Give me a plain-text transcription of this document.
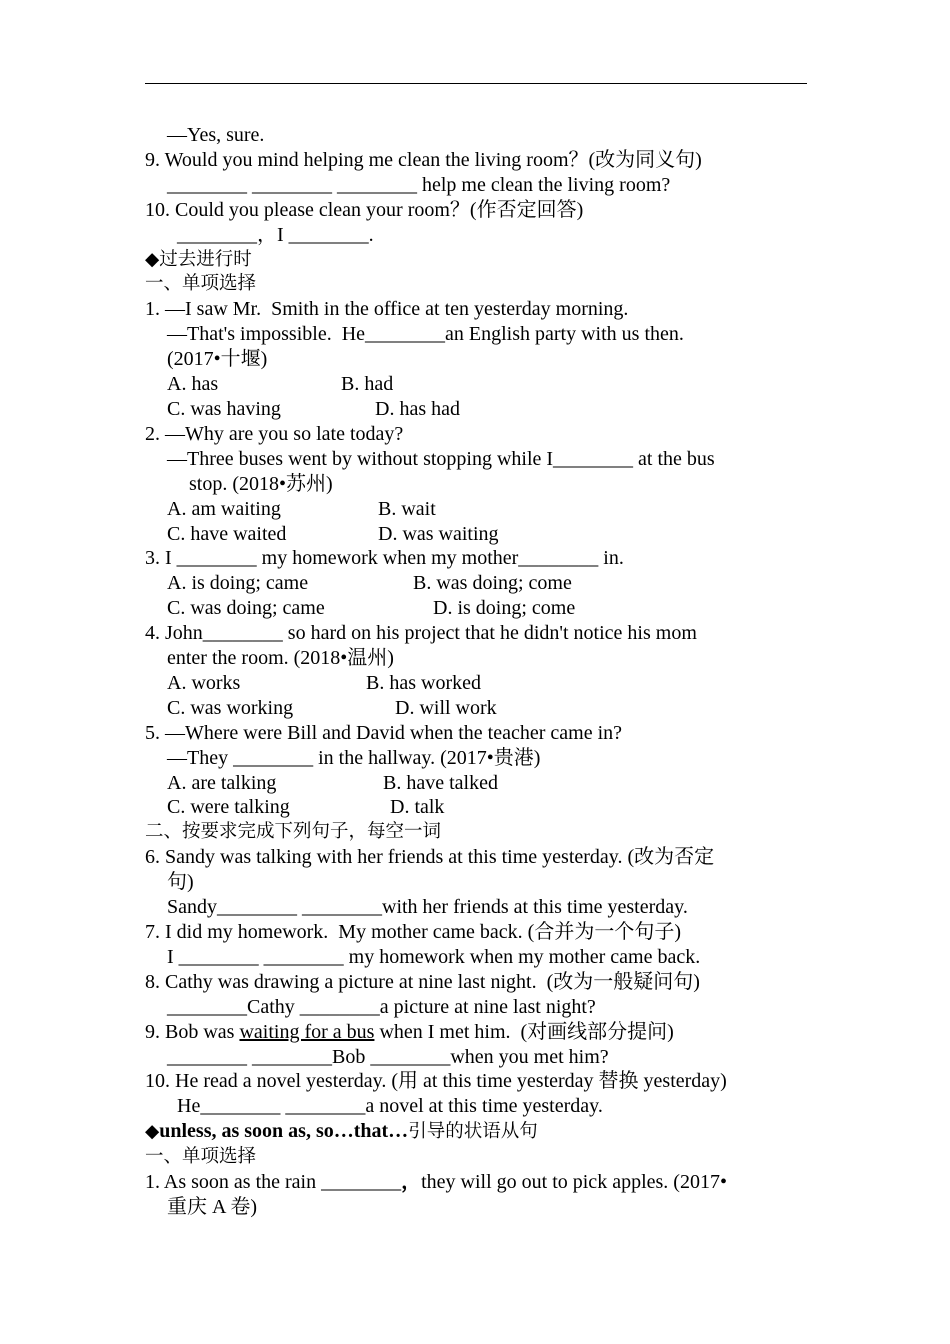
—Yes, sure.
9. Would you mind helping me clean the living room？(改为同义句)
________ ________ ________ help me clean the living room?
10. Could you please clean your room？(作否定回答)
________，I ________.
◆过去进行时
一、单项选择
1. —I saw Mr.  Smith in the office at ten yesterday morning.
—That's impossible.  He________an English party with us then.
(2017•十堰)
A. has	B. had
C. was having	D. has had
2. —Why are you so late today?
—Three buses went by without stopping while I________ at the bus
stop. (2018•苏州)
A. am waiting	B. wait
C. have waited	D. was waiting
3. I ________ my homework when my mother________ in.
A. is doing; came	B. was doing; come
C. was doing; came	D. is doing; come
4. John________ so hard on his project that he didn't notice his mom
enter the room. (2018•温州)
A. works	B. has worked
C. was working	D. will work
5. —Where were Bill and David when the teacher came in?
—They ________ in the hallway. (2017•贵港)
A. are talking	B. have talked
C. were talking	D. talk
二、按要求完成下列句子，每空一词
6. Sandy was talking with her friends at this time yesterday. (改为否定
句)
Sandy________ ________with her friends at this time yesterday.
7. I did my homework.  My mother came back. (合并为一个句子)
I ________ ________ my homework when my mother came back.
8. Cathy was drawing a picture at nine last night.  (改为一般疑问句)
________Cathy ________a picture at nine last night?
9. Bob was waiting for a bus when I met him.  (对画线部分提问)
________ ________Bob ________when you met him?
10. He read a novel yesterday. (用 at this time yesterday 替换 yesterday)
He________ ________a novel at this time yesterday.
◆unless, as soon as, so…that…引导的状语从句
一、单项选择
1. As soon as the rain ________，they will go out to pick apples. (2017•
重庆 A 卷)
